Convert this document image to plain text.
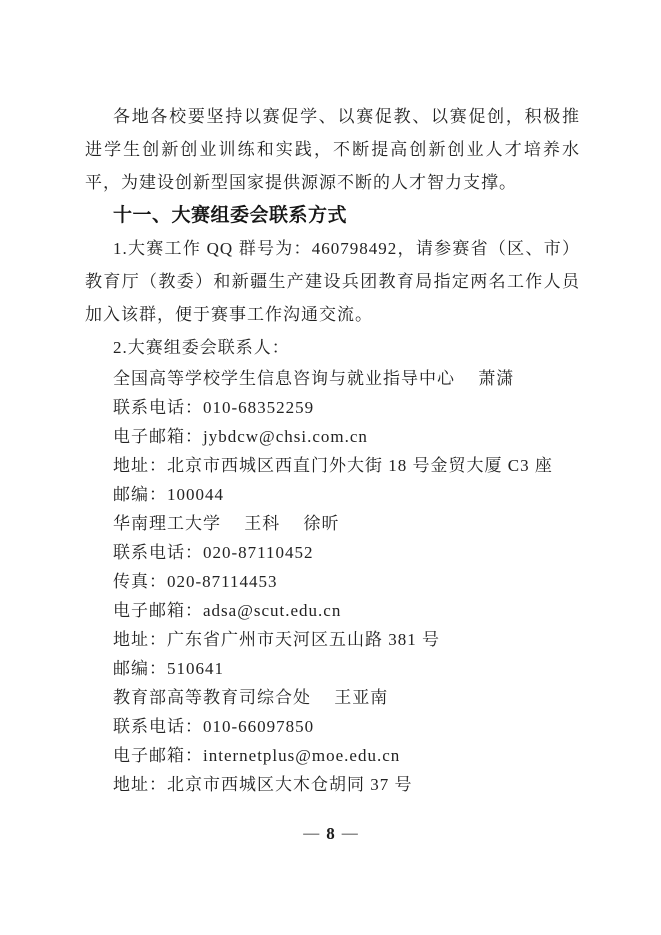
各地各校要坚持以赛促学、以赛促教、以赛促创，积极推进学生创新创业训练和实践，不断提高创新创业人才培养水平，为建设创新型国家提供源源不断的人才智力支撑。

十一、大赛组委会联系方式

1.大赛工作 QQ 群号为：460798492，请参赛省（区、市）教育厅（教委）和新疆生产建设兵团教育局指定两名工作人员加入该群，便于赛事工作沟通交流。

2.大赛组委会联系人：

全国高等学校学生信息咨询与就业指导中心　 萧潇
联系电话：010-68352259
电子邮箱：jybdcw@chsi.com.cn
地址：北京市西城区西直门外大街 18 号金贸大厦 C3 座
邮编：100044
华南理工大学　 王科　 徐昕
联系电话：020-87110452
传真：020-87114453
电子邮箱：adsa@scut.edu.cn
地址：广东省广州市天河区五山路 381 号
邮编：510641
教育部高等教育司综合处　 王亚南
联系电话：010-66097850
电子邮箱：internetplus@moe.edu.cn
地址：北京市西城区大木仓胡同 37 号
— 8 —
